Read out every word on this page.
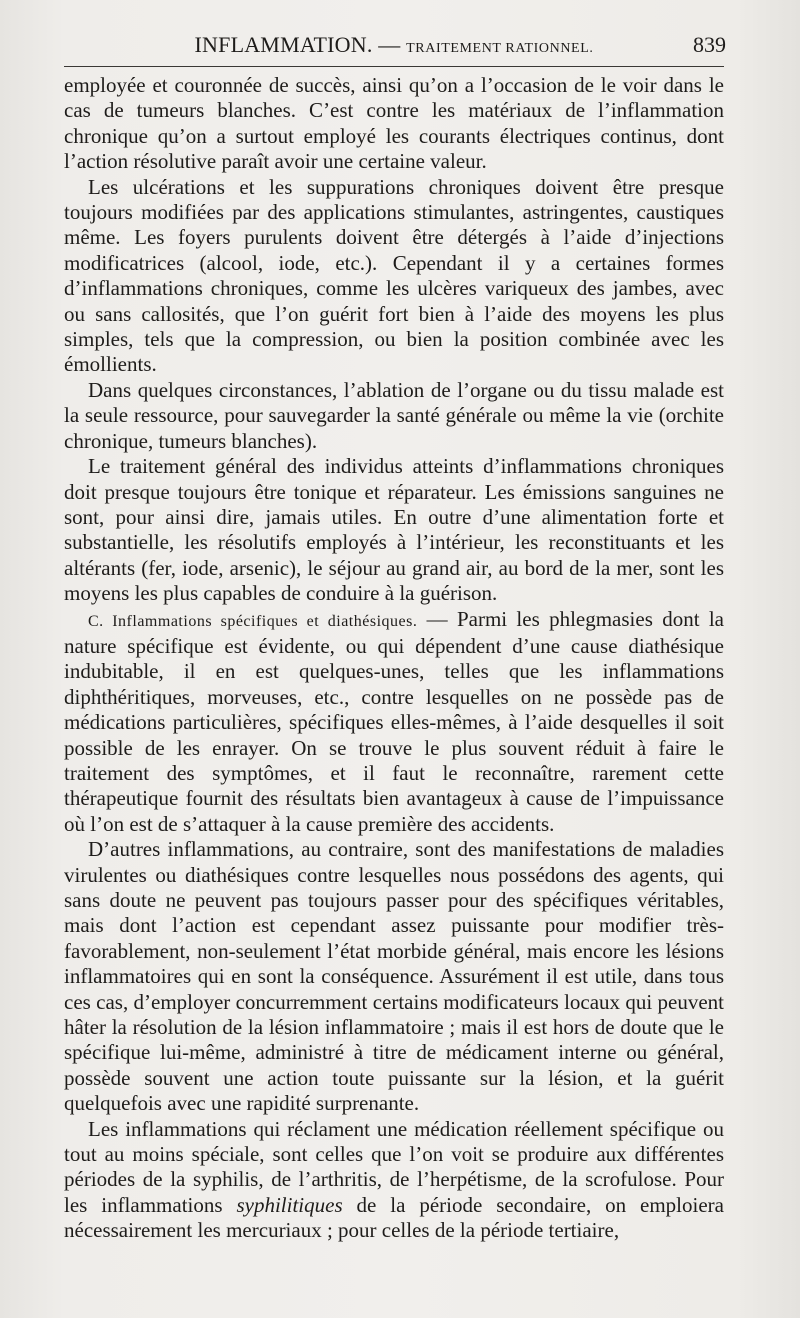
INFLAMMATION. — TRAITEMENT RATIONNEL.	839

employée et couronnée de succès, ainsi qu’on a l’occasion de le voir dans le cas de tumeurs blanches. C’est contre les matériaux de l’inflammation chronique qu’on a surtout employé les courants électriques continus, dont l’action résolutive paraît avoir une certaine valeur.

Les ulcérations et les suppurations chroniques doivent être presque toujours modifiées par des applications stimulantes, astringentes, caustiques même. Les foyers purulents doivent être détergés à l’aide d’injections modificatrices (alcool, iode, etc.). Cependant il y a certaines formes d’inflammations chroniques, comme les ulcères variqueux des jambes, avec ou sans callosités, que l’on guérit fort bien à l’aide des moyens les plus simples, tels que la compression, ou bien la position combinée avec les émollients.

Dans quelques circonstances, l’ablation de l’organe ou du tissu malade est la seule ressource, pour sauvegarder la santé générale ou même la vie (orchite chronique, tumeurs blanches).

Le traitement général des individus atteints d’inflammations chroniques doit presque toujours être tonique et réparateur. Les émissions sanguines ne sont, pour ainsi dire, jamais utiles. En outre d’une alimentation forte et substantielle, les résolutifs employés à l’intérieur, les reconstituants et les altérants (fer, iode, arsenic), le séjour au grand air, au bord de la mer, sont les moyens les plus capables de conduire à la guérison.

C. Inflammations spécifiques et diathésiques. — Parmi les phlegmasies dont la nature spécifique est évidente, ou qui dépendent d’une cause diathésique indubitable, il en est quelques-unes, telles que les inflammations diphthéritiques, morveuses, etc., contre lesquelles on ne possède pas de médications particulières, spécifiques elles-mêmes, à l’aide desquelles il soit possible de les enrayer. On se trouve le plus souvent réduit à faire le traitement des symptômes, et il faut le reconnaître, rarement cette thérapeutique fournit des résultats bien avantageux à cause de l’impuissance où l’on est de s’attaquer à la cause première des accidents.

D’autres inflammations, au contraire, sont des manifestations de maladies virulentes ou diathésiques contre lesquelles nous possédons des agents, qui sans doute ne peuvent pas toujours passer pour des spécifiques véritables, mais dont l’action est cependant assez puissante pour modifier très-favorablement, non-seulement l’état morbide général, mais encore les lésions inflammatoires qui en sont la conséquence. Assurément il est utile, dans tous ces cas, d’employer concurremment certains modificateurs locaux qui peuvent hâter la résolution de la lésion inflammatoire ; mais il est hors de doute que le spécifique lui-même, administré à titre de médicament interne ou général, possède souvent une action toute puissante sur la lésion, et la guérit quelquefois avec une rapidité surprenante.

Les inflammations qui réclament une médication réellement spécifique ou tout au moins spéciale, sont celles que l’on voit se produire aux différentes périodes de la syphilis, de l’arthritis, de l’herpétisme, de la scrofulose. Pour les inflammations syphilitiques de la période secondaire, on emploiera nécessairement les mercuriaux ; pour celles de la période tertiaire,
